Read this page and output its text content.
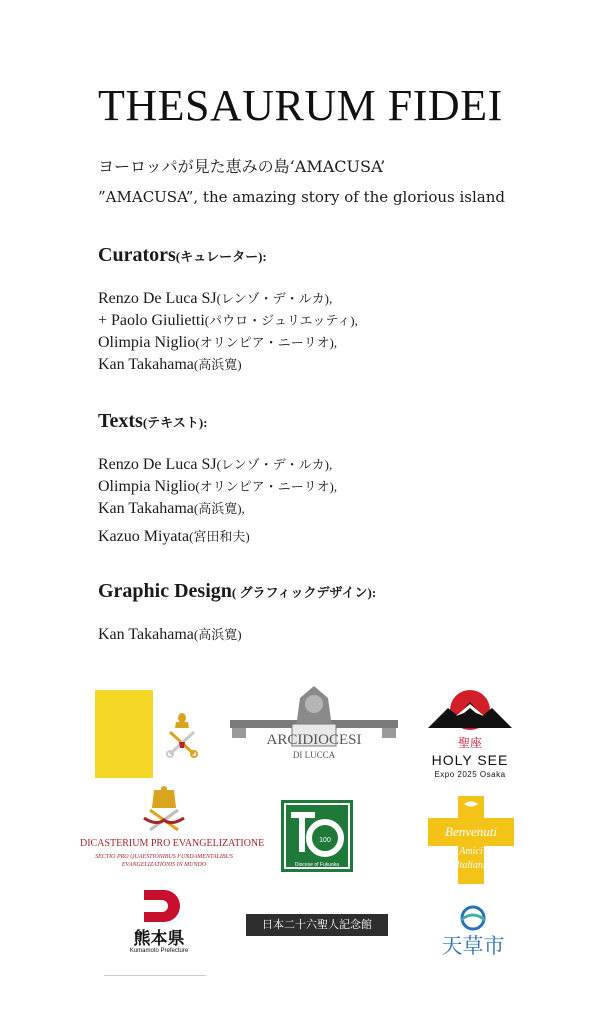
THESAURUM FIDEI
ヨーロッパが見た恵みの島‘AMACUSA’
”AMACUSA”, the amazing story of the glorious island
Curators(キュレーター):
Renzo De Luca SJ(レンゾ・デ・ルカ),
+ Paolo Giulietti(パウロ・ジュリエッティ),
Olimpia Niglio(オリンピア・ニーリオ),
Kan Takahama(高浜寛)
Texts(テキスト):
Renzo De Luca SJ(レンゾ・デ・ルカ),
Olimpia Niglio(オリンピア・ニーリオ),
Kan Takahama(高浜寛),
Kazuo Miyata(宮田和夫)
Graphic Design( グラフィックデザイン):
Kan Takahama(高浜寛)
ARCIDIOCESI
DI LUCCA
聖座
HOLY SEE
Expo 2025 Osaka
DICASTERIUM PRO EVANGELIZATIONE
SECTIO PRO QUAESTIONIBUS FUNDAMENTALIBUS
EVANGELIZATIONIS IN MUNDO
100
Diocese of Fukuoka
Benvenuti
Amici
Italiani
熊本県
Kumamoto Prefecture
日本二十六聖人記念館
天草市
